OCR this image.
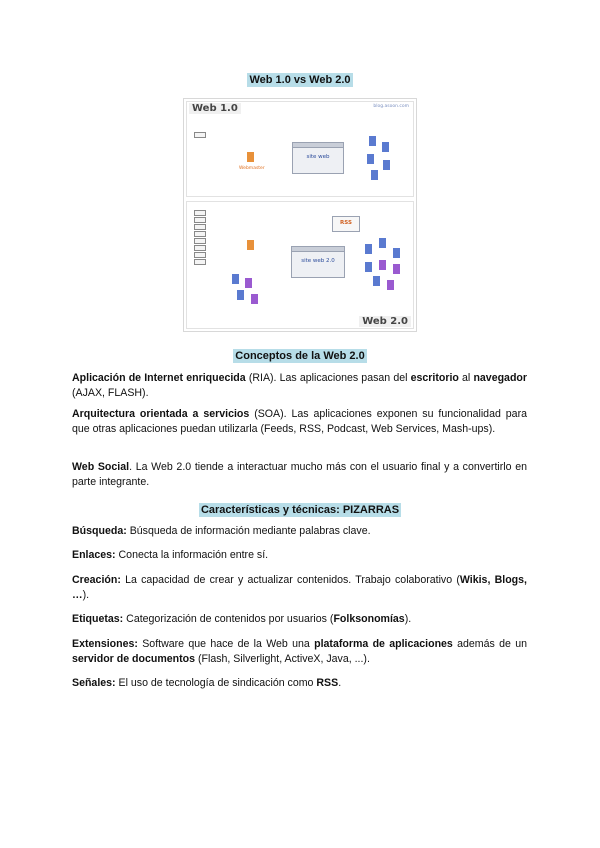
Web 1.0 vs Web 2.0
Web 1.0	blog.asoon.com
Webmaster
site web
Web 2.0
site web 2.0
RSS
Conceptos de la Web 2.0
Aplicación de Internet enriquecida (RIA). Las aplicaciones pasan del escritorio al navegador (AJAX, FLASH).
Arquitectura orientada a servicios (SOA). Las aplicaciones exponen su funcionalidad para que otras aplicaciones puedan utilizarla (Feeds, RSS, Podcast, Web Services, Mash-ups).
Web Social. La Web 2.0 tiende a interactuar mucho más con el usuario final y a convertirlo en parte integrante.
Características y técnicas: PIZARRAS
Búsqueda: Búsqueda de información mediante palabras clave.
Enlaces: Conecta la información entre sí.
Creación: La capacidad de crear y actualizar contenidos. Trabajo colaborativo (Wikis, Blogs, …).
Etiquetas: Categorización de contenidos por usuarios (Folksonomías).
Extensiones: Software que hace de la Web una plataforma de aplicaciones además de un servidor de documentos (Flash, Silverlight, ActiveX, Java, ...).
Señales: El uso de tecnología de sindicación como RSS.
